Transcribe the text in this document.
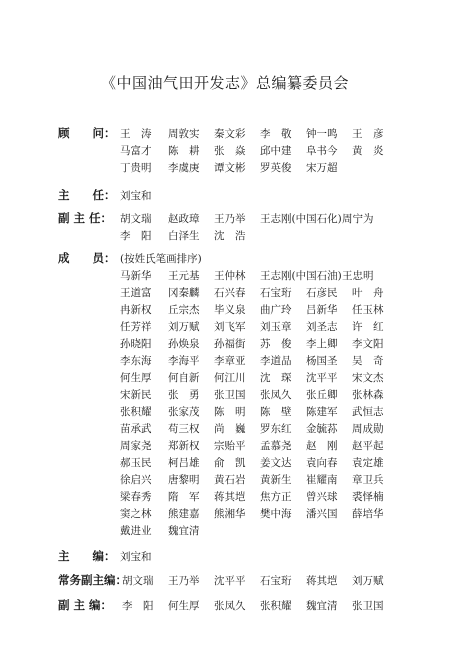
《中国油气田开发志》总编纂委员会
顾　　问： 王　涛 周敦实 秦文彩 李　敬 钟一鸣 王　彦
马富才 陈　耕 张　焱 邱中建 阜书今 黄　炎
丁贵明 李虞庚 谭文彬 罗英俊 宋万超
主　　任： 刘宝和
副 主 任： 胡文瑞 赵政璋 王乃举 王志刚(中国石化) 周宁为
李　阳 白泽生 沈　浩
成　　员： (按姓氏笔画排序)
马新华 王元基 王仲林 王志刚(中国石油) 王忠明
王道富 冈秦麟 石兴春 石宝珩 石彦民 叶　舟
冉新权 丘宗杰 毕义泉 曲广玲 吕新华 任玉林
任芳祥 刘万赋 刘飞军 刘玉章 刘圣志 许　红
孙晓阳 孙焕泉 孙福街 苏　俊 李上卿 李文阳
李东海 李海平 李章亚 李道品 杨国圣 吴　奇
何生厚 何自新 何江川 沈　琛 沈平平 宋文杰
宋新民 张　勇 张卫国 张凤久 张丘卿 张林森
张积耀 张家茂 陈　明 陈　壁 陈建军 武恒志
苗承武 苟三权 尚　巍 罗东红 金毓荪 周成勋
周家尧 郑新权 宗贻平 孟慕尧 赵　刚 赵平起
郝玉民 柯吕雄 俞　凯 姜文达 袁向春 袁定雄
徐启兴 唐黎明 黄石岩 黄新生 崔耀南 章卫兵
梁春秀 隋　军 蒋其垲 焦方正 曾兴球 裘怿楠
窦之林 熊建嘉 熊湘华 樊中海 潘兴国 薛培华
戴进业 魏宜清
主　　编： 刘宝和
常务副主编：
胡文瑞 王乃举 沈平平 石宝珩 蒋其垲 刘万赋
副 主 编： 李　阳 何生厚 张凤久 张积耀 魏宜清 张卫国
